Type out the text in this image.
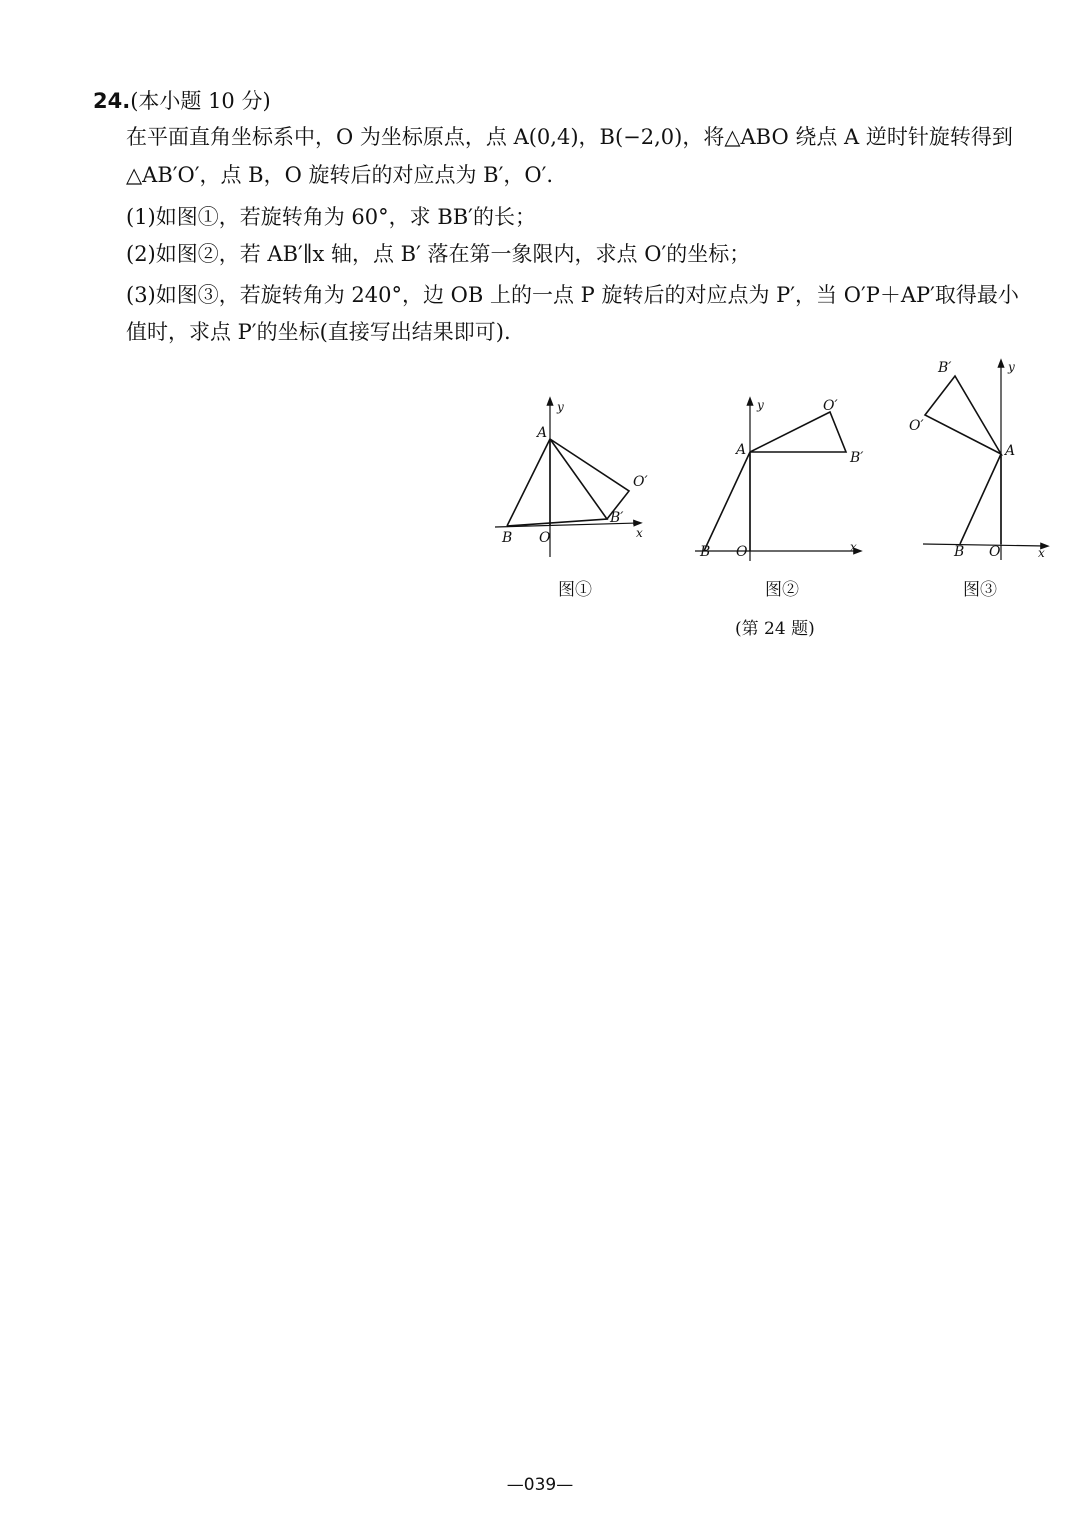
24.(本小题 10 分)
在平面直角坐标系中，O 为坐标原点，点 A(0,4)，B(−2,0)，将△ABO 绕点 A 逆时针旋转得到
△AB′O′，点 B，O 旋转后的对应点为 B′，O′.
(1)如图①，若旋转角为 60°，求 BB′的长；
(2)如图②，若 AB′∥x 轴，点 B′ 落在第一象限内，求点 O′的坐标；
(3)如图③，若旋转角为 240°，边 OB 上的一点 P 旋转后的对应点为 P′，当 O′P＋AP′取得最小
值时，求点 P′的坐标(直接写出结果即可).
A
B O
B′
O′
x
y
图①
A
B O
B′
O′
x
y
图②
A
B O
B′
O′
x
y
图③
(第 24 题)
—039—
